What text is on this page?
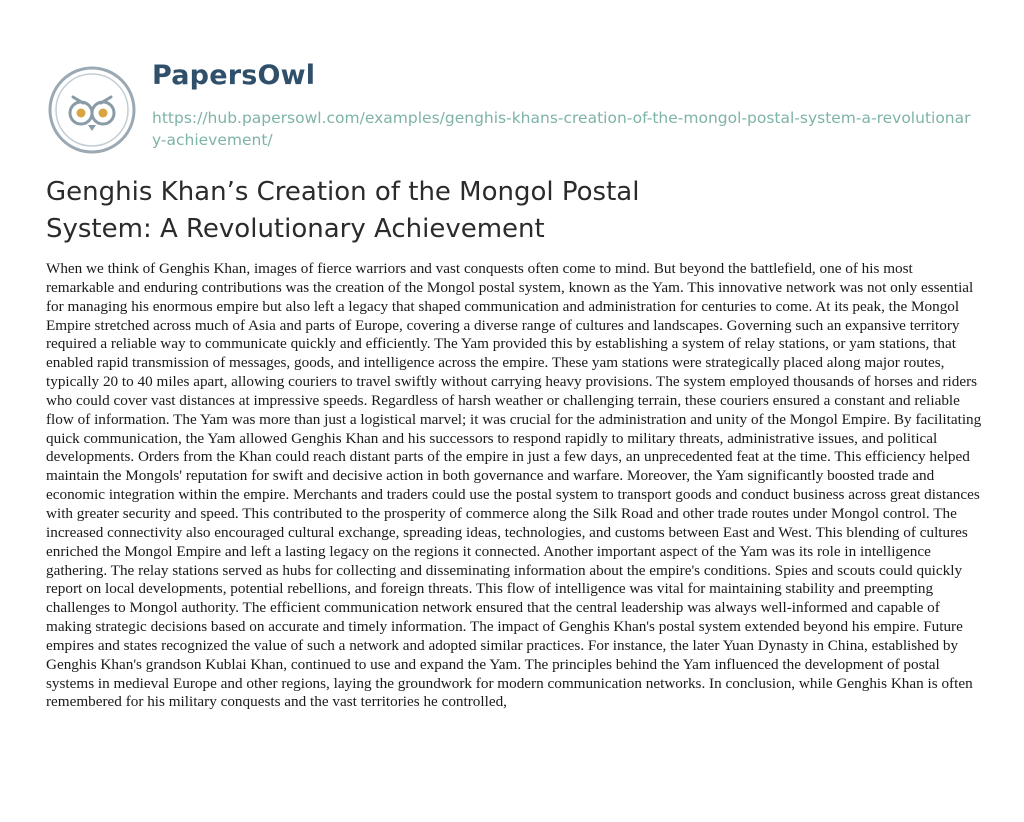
PapersOwl
https://hub.papersowl.com/examples/genghis-khans-creation-of-the-mongol-postal-system-a-revolutionary-achievement/
Genghis Khan’s Creation of the Mongol Postal System: A Revolutionary Achievement

When we think of Genghis Khan, images of fierce warriors and vast conquests often come to mind. But beyond the battlefield, one of his most remarkable and enduring contributions was the creation of the Mongol postal system, known as the Yam. This innovative network was not only essential for managing his enormous empire but also left a legacy that shaped communication and administration for centuries to come. At its peak, the Mongol Empire stretched across much of Asia and parts of Europe, covering a diverse range of cultures and landscapes. Governing such an expansive territory required a reliable way to communicate quickly and efficiently. The Yam provided this by establishing a system of relay stations, or yam stations, that enabled rapid transmission of messages, goods, and intelligence across the empire. These yam stations were strategically placed along major routes, typically 20 to 40 miles apart, allowing couriers to travel swiftly without carrying heavy provisions. The system employed thousands of horses and riders who could cover vast distances at impressive speeds. Regardless of harsh weather or challenging terrain, these couriers ensured a constant and reliable flow of information. The Yam was more than just a logistical marvel; it was crucial for the administration and unity of the Mongol Empire. By facilitating quick communication, the Yam allowed Genghis Khan and his successors to respond rapidly to military threats, administrative issues, and political developments. Orders from the Khan could reach distant parts of the empire in just a few days, an unprecedented feat at the time. This efficiency helped maintain the Mongols' reputation for swift and decisive action in both governance and warfare. Moreover, the Yam significantly boosted trade and economic integration within the empire. Merchants and traders could use the postal system to transport goods and conduct business across great distances with greater security and speed. This contributed to the prosperity of commerce along the Silk Road and other trade routes under Mongol control. The increased connectivity also encouraged cultural exchange, spreading ideas, technologies, and customs between East and West. This blending of cultures enriched the Mongol Empire and left a lasting legacy on the regions it connected. Another important aspect of the Yam was its role in intelligence gathering. The relay stations served as hubs for collecting and disseminating information about the empire's conditions. Spies and scouts could quickly report on local developments, potential rebellions, and foreign threats. This flow of intelligence was vital for maintaining stability and preempting challenges to Mongol authority. The efficient communication network ensured that the central leadership was always well-informed and capable of making strategic decisions based on accurate and timely information. The impact of Genghis Khan's postal system extended beyond his empire. Future empires and states recognized the value of such a network and adopted similar practices. For instance, the later Yuan Dynasty in China, established by Genghis Khan's grandson Kublai Khan, continued to use and expand the Yam. The principles behind the Yam influenced the development of postal systems in medieval Europe and other regions, laying the groundwork for modern communication networks. In conclusion, while Genghis Khan is often remembered for his military conquests and the vast territories he controlled,
